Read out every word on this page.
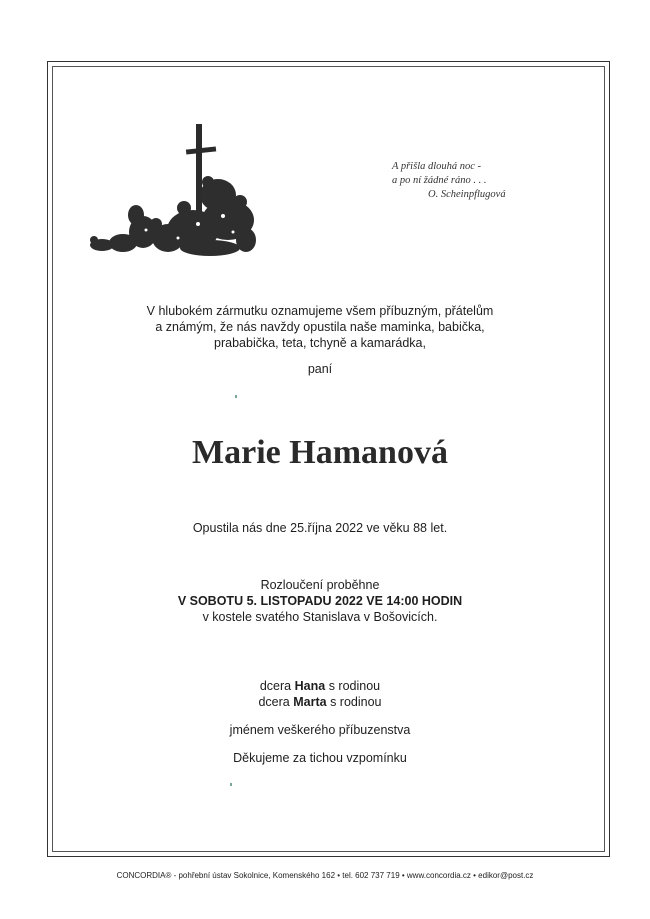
A přišla dlouhá noc -
a po ní žádné ráno . . .
O. Scheinpflugová
V hlubokém zármutku oznamujeme všem příbuzným, přátelům
a známým, že nás navždy opustila naše maminka, babička,
prababička, teta, tchyně a kamarádka,
paní
Marie Hamanová
Opustila nás dne 25.října 2022 ve věku 88 let.
Rozloučení proběhne
V SOBOTU 5. LISTOPADU 2022 VE 14:00 HODIN
v kostele svatého Stanislava v Bošovicích.
dcera Hana s rodinou
dcera Marta s rodinou
jménem veškerého příbuzenstva
Děkujeme za tichou vzpomínku
CONCORDIA® - pohřební ústav Sokolnice, Komenského 162 • tel. 602 737 719 • www.concordia.cz • edikor@post.cz
